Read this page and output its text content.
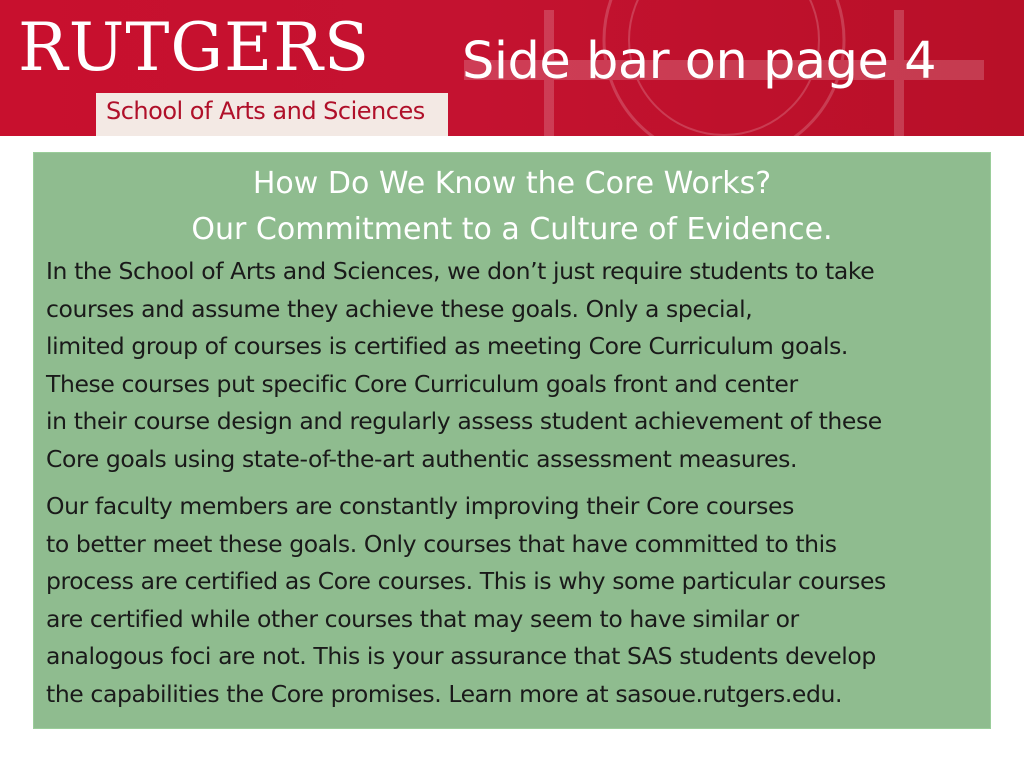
RUTGERS
School of Arts and Sciences
Side bar on page 4
How Do We Know the Core Works?
Our Commitment to a Culture of Evidence.

In the School of Arts and Sciences, we don’t just require students to take
courses and assume they achieve these goals. Only a special,
limited group of courses is certified as meeting Core Curriculum goals.
These courses put specific Core Curriculum goals front and center
in their course design and regularly assess student achievement of these
Core goals using state-of-the-art authentic assessment measures.

Our faculty members are constantly improving their Core courses
to better meet these goals. Only courses that have committed to this
process are certified as Core courses. This is why some particular courses
are certified while other courses that may seem to have similar or
analogous foci are not. This is your assurance that SAS students develop
the capabilities the Core promises. Learn more at sasoue.rutgers.edu.
